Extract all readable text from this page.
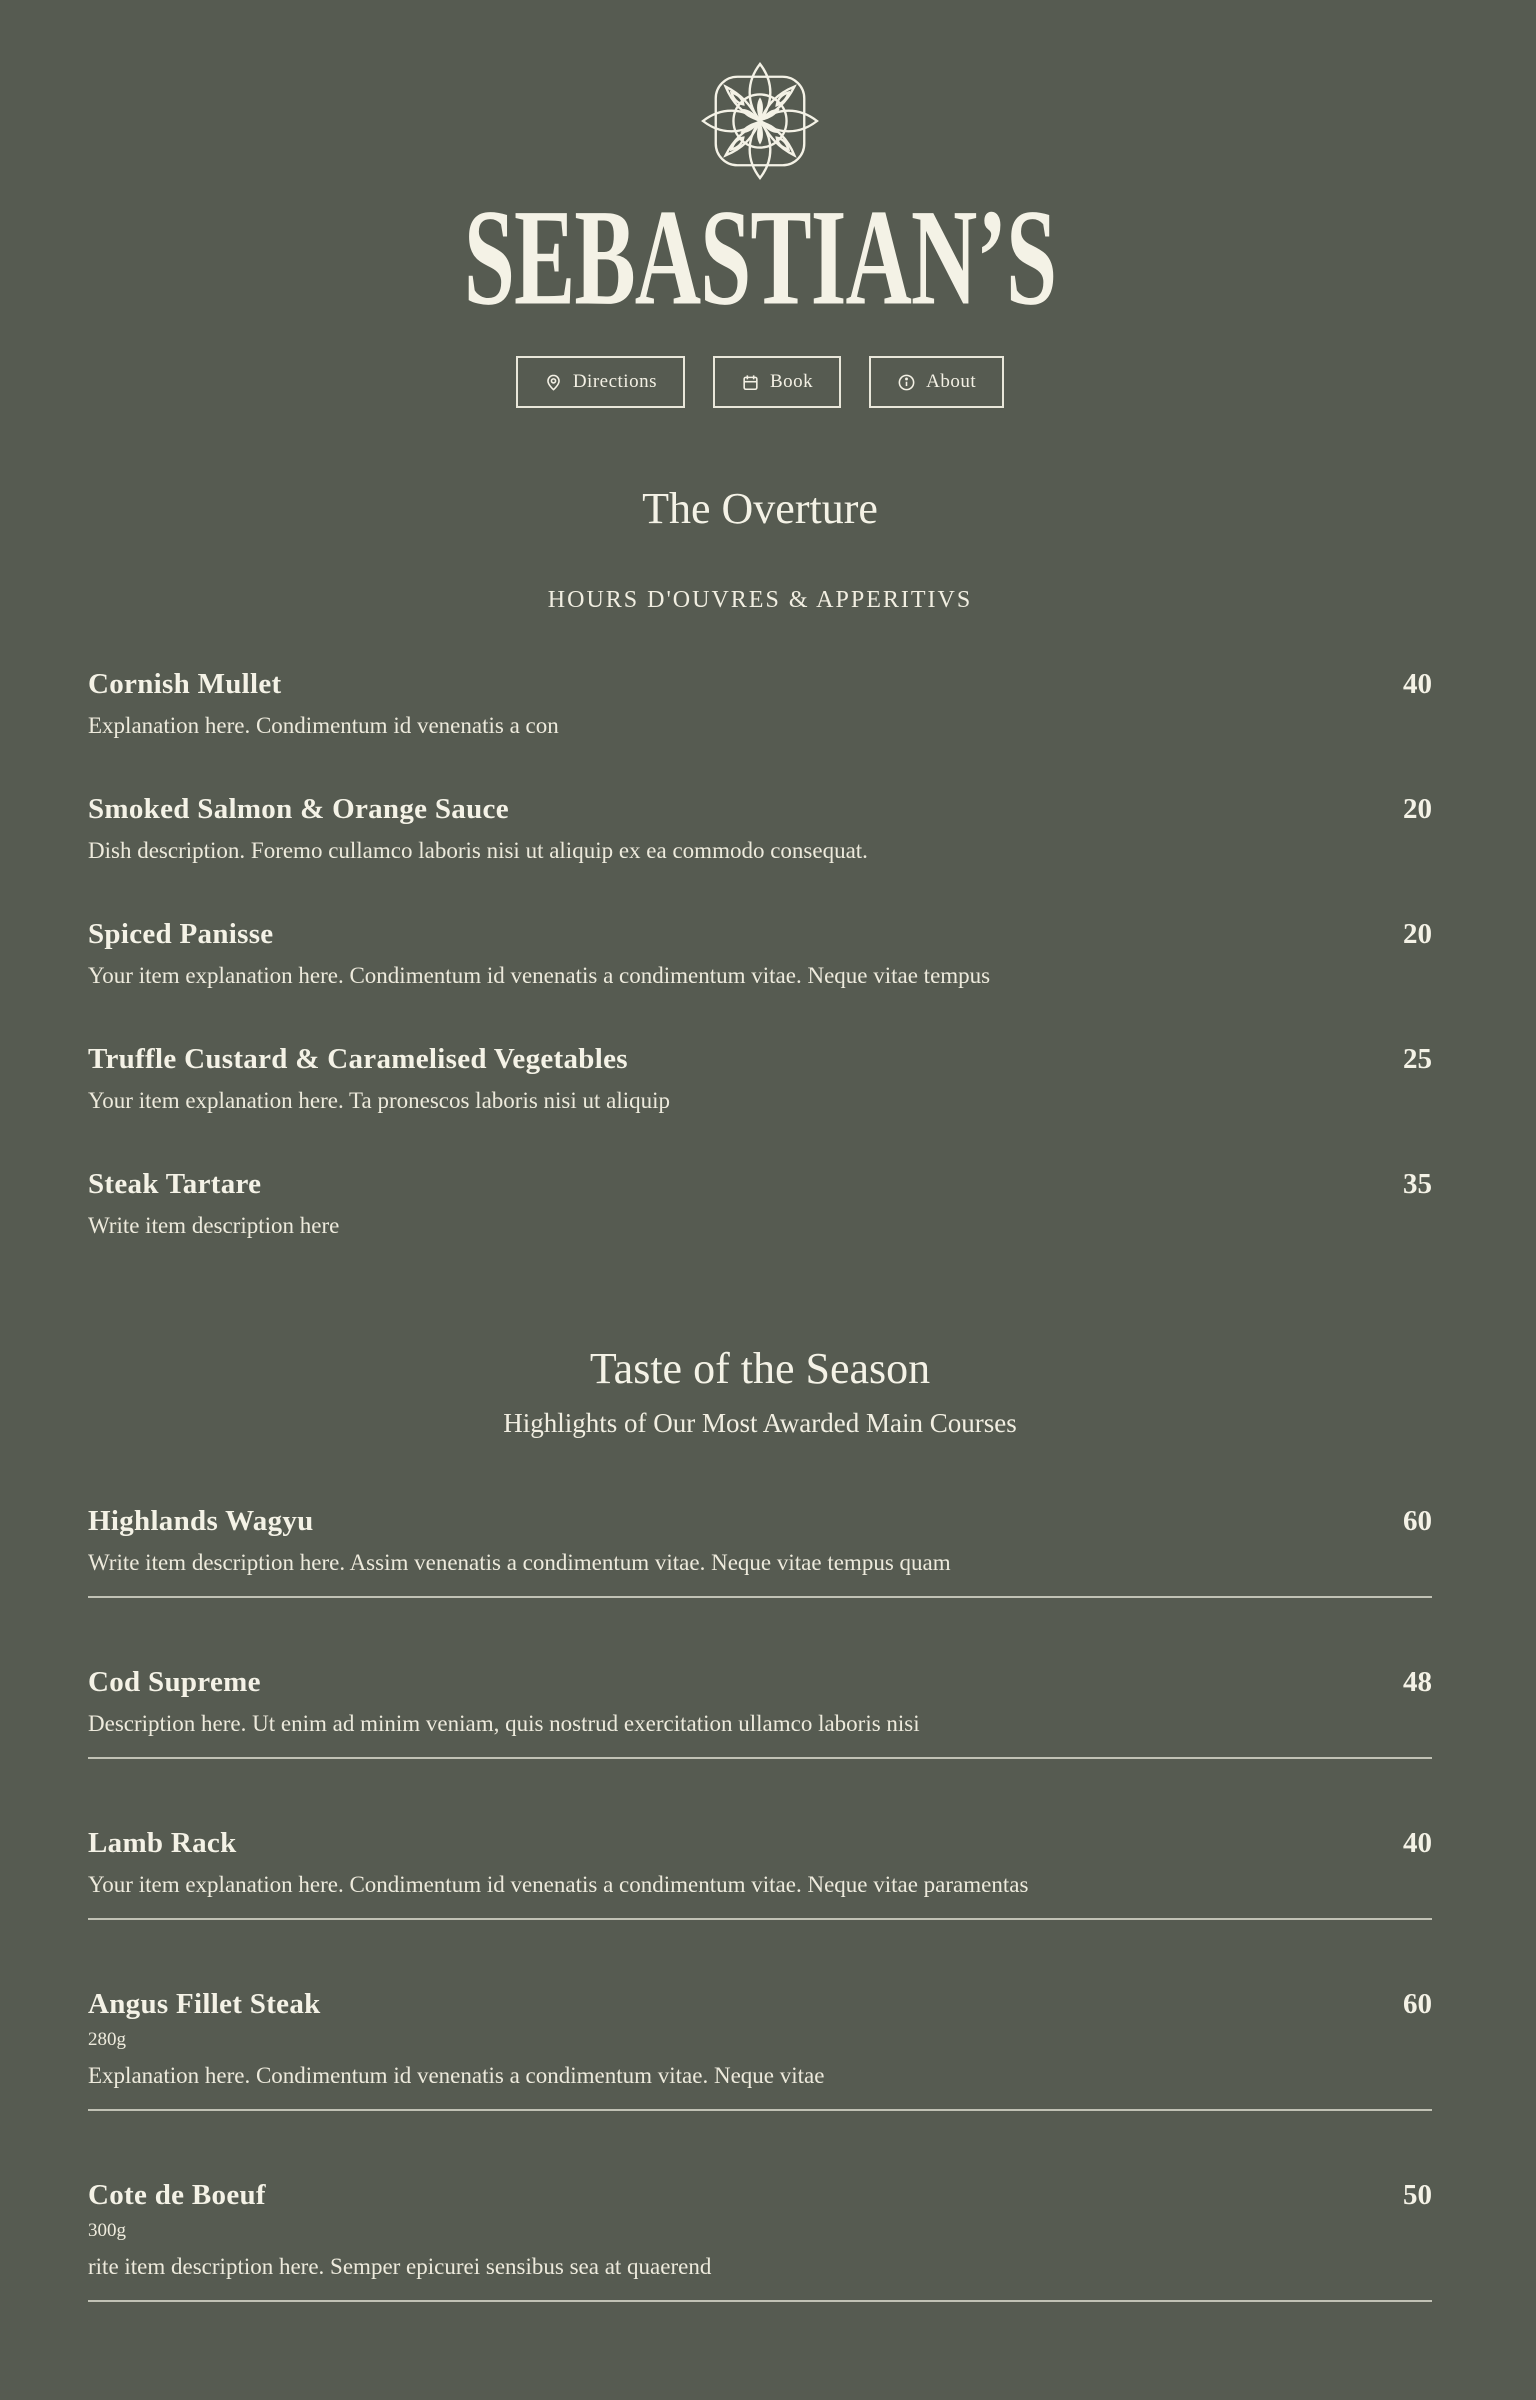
SEBASTIAN’S
Directions	Book	About
The Overture

HOURS D'OUVRES & APPERITIVS

Cornish Mullet	40

Explanation here. Condimentum id venenatis a con

Smoked Salmon & Orange Sauce	20

Dish description. Foremo cullamco laboris nisi ut aliquip ex ea commodo consequat.

Spiced Panisse	20

Your item explanation here. Condimentum id venenatis a condimentum vitae. Neque vitae tempus

Truffle Custard & Caramelised Vegetables	25

Your item explanation here. Ta pronescos laboris nisi ut aliquip

Steak Tartare	35

Write item description here

Taste of the Season

Highlights of Our Most Awarded Main Courses

Highlands Wagyu	60

Write item description here. Assim venenatis a condimentum vitae. Neque vitae tempus quam

Cod Supreme	48

Description here. Ut enim ad minim veniam, quis nostrud exercitation ullamco laboris nisi

Lamb Rack	40

Your item explanation here. Condimentum id venenatis a condimentum vitae. Neque vitae paramentas

Angus Fillet Steak	60
280g

Explanation here. Condimentum id venenatis a condimentum vitae. Neque vitae

Cote de Boeuf	50
300g

rite item description here. Semper epicurei sensibus sea at quaerend
